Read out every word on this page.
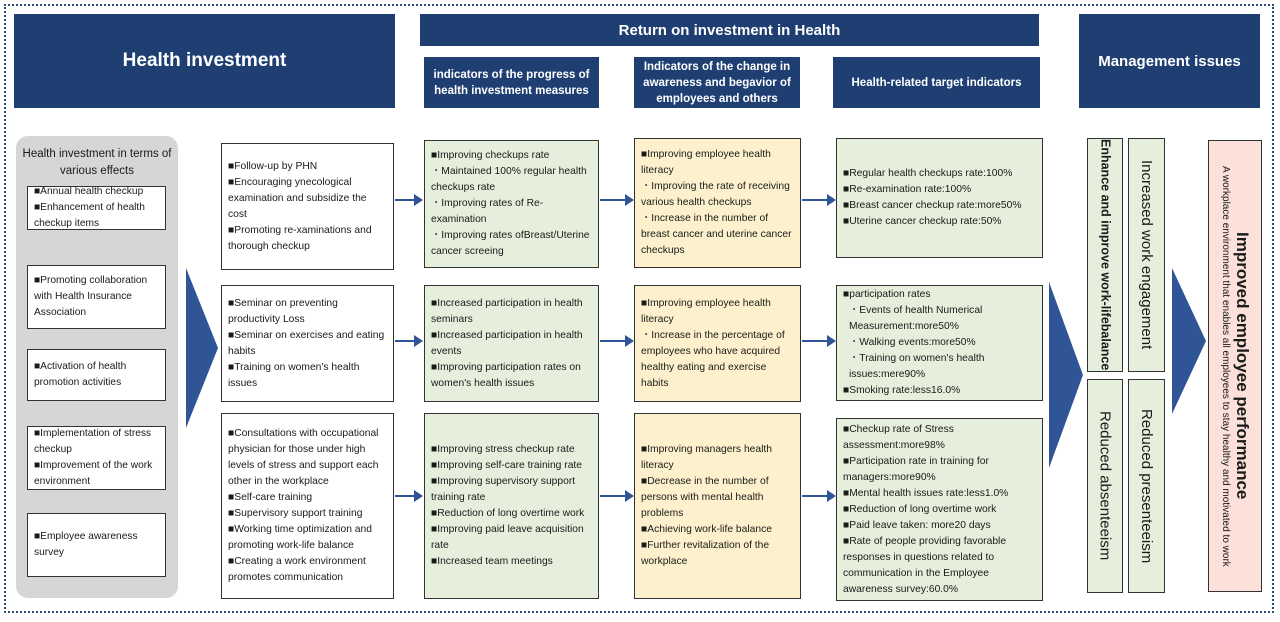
Health investment
Return on investment in Health
indicators of the progress of health investment measures
Indicators of the change in awareness and begavior of employees and others
Health-related target indicators
Management issues
Health investment in terms of various effects
■Annual health checkup
■Enhancement of health checkup items
■Promoting collaboration with Health Insurance Association
■Activation of health promotion activities
■Implementation of stress checkup
■Improvement of the work environment
■Employee awareness survey
■Follow-up by PHN
■Encouraging ynecological examination and subsidize the cost
■Promoting re-xaminations and thorough checkup
■Improving checkups rate
・Maintained 100% regular health checkups rate
・Improving rates of Re-examination
・Improving rates ofBreast/Uterine cancer screeing
■Improving employee health literacy
・Improving the rate of receiving various health checkups
・Increase in the number of breast cancer and uterine cancer checkups
■Regular health checkups rate:100%
■Re-examination rate:100%
■Breast cancer checkup rate:more50%
■Uterine cancer checkup rate:50%
■Seminar on preventing productivity Loss
■Seminar on exercises and eating habits
■Training on women's health issues
■Increased participation in health seminars
■Increased participation in health events
■Improving participation rates on women's health issues
■Improving employee health literacy
・Increase in the percentage of employees who have acquired healthy eating and exercise habits
■participation rates
・Events of health Numerical Measurement:more50%
・Walking events:more50%
・Training on women's health issues:mere90%
■Smoking rate:less16.0%
■Consultations with occupational physician for those under high levels of stress and support each other in the workplace
■Self-care training
■Supervisory support training
■Working time optimization and promoting work-life balance
■Creating a work environment promotes communication
■Improving stress checkup rate
■Improving self-care training rate
■Improving supervisory support training rate
■Reduction of long overtime work
■Improving paid leave acquisition rate
■Increased team meetings
■Improving managers health literacy
■Decrease in the number of persons with mental health problems
■Achieving work-life balance
■Further revitalization of the workplace
■Checkup rate of Stress assessment:more98%
■Participation rate in training for managers:more90%
■Mental health issues rate:less1.0%
■Reduction of long overtime work
■Paid leave taken: more20 days
■Rate of people providing favorable responses in questions related to communication in the Employee awareness survey:60.0%
Enhance and improve work-lifebalance Increased work engagement
Reduced absenteeism Reduced presenteeism	Improved employee performance
A workplace environment that enables all employees to stay healthy and motivated to work
